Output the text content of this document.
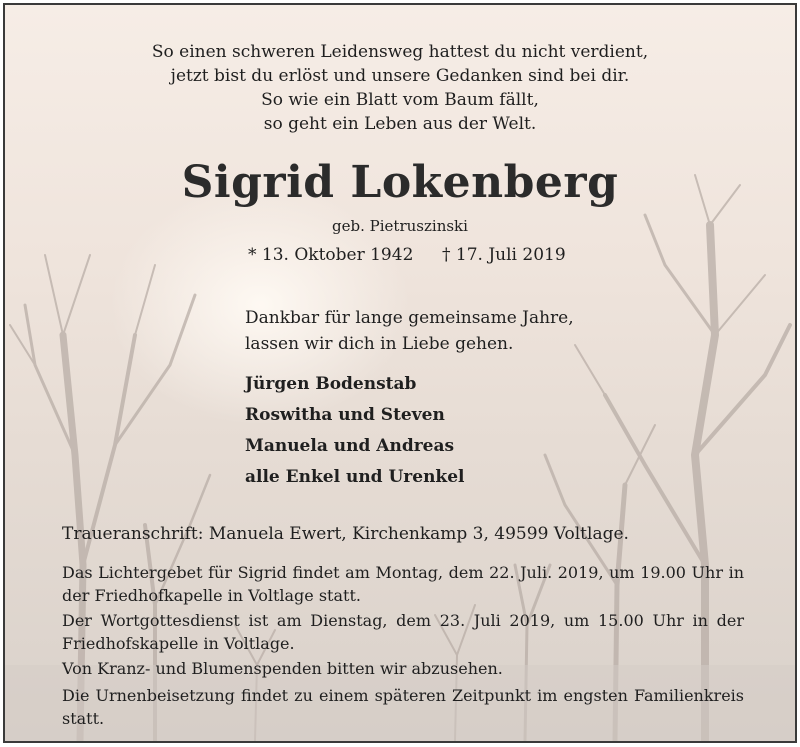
So einen schweren Leidensweg hattest du nicht verdient,
jetzt bist du erlöst und unsere Gedanken sind bei dir.
So wie ein Blatt vom Baum fällt,
so geht ein Leben aus der Welt.
Sigrid Lokenberg
geb. Pietruszinski
* 13. Oktober 1942 † 17. Juli 2019
Dankbar für lange gemeinsame Jahre,
lassen wir dich in Liebe gehen.
Jürgen Bodenstab
Roswitha und Steven
Manuela und Andreas
alle Enkel und Urenkel
Traueranschrift: Manuela Ewert, Kirchenkamp 3, 49599 Voltlage.
Das Lichtergebet für Sigrid findet am Montag, dem 22. Juli. 2019, um 19.00 Uhr in der Friedhofkapelle in Voltlage statt.
Der Wortgottesdienst ist am Dienstag, dem 23. Juli 2019, um 15.00 Uhr in der Friedhofskapelle in Voltlage.
Von Kranz- und Blumenspenden bitten wir abzusehen.
Die Urnenbeisetzung findet zu einem späteren Zeitpunkt im engsten Familienkreis statt.
